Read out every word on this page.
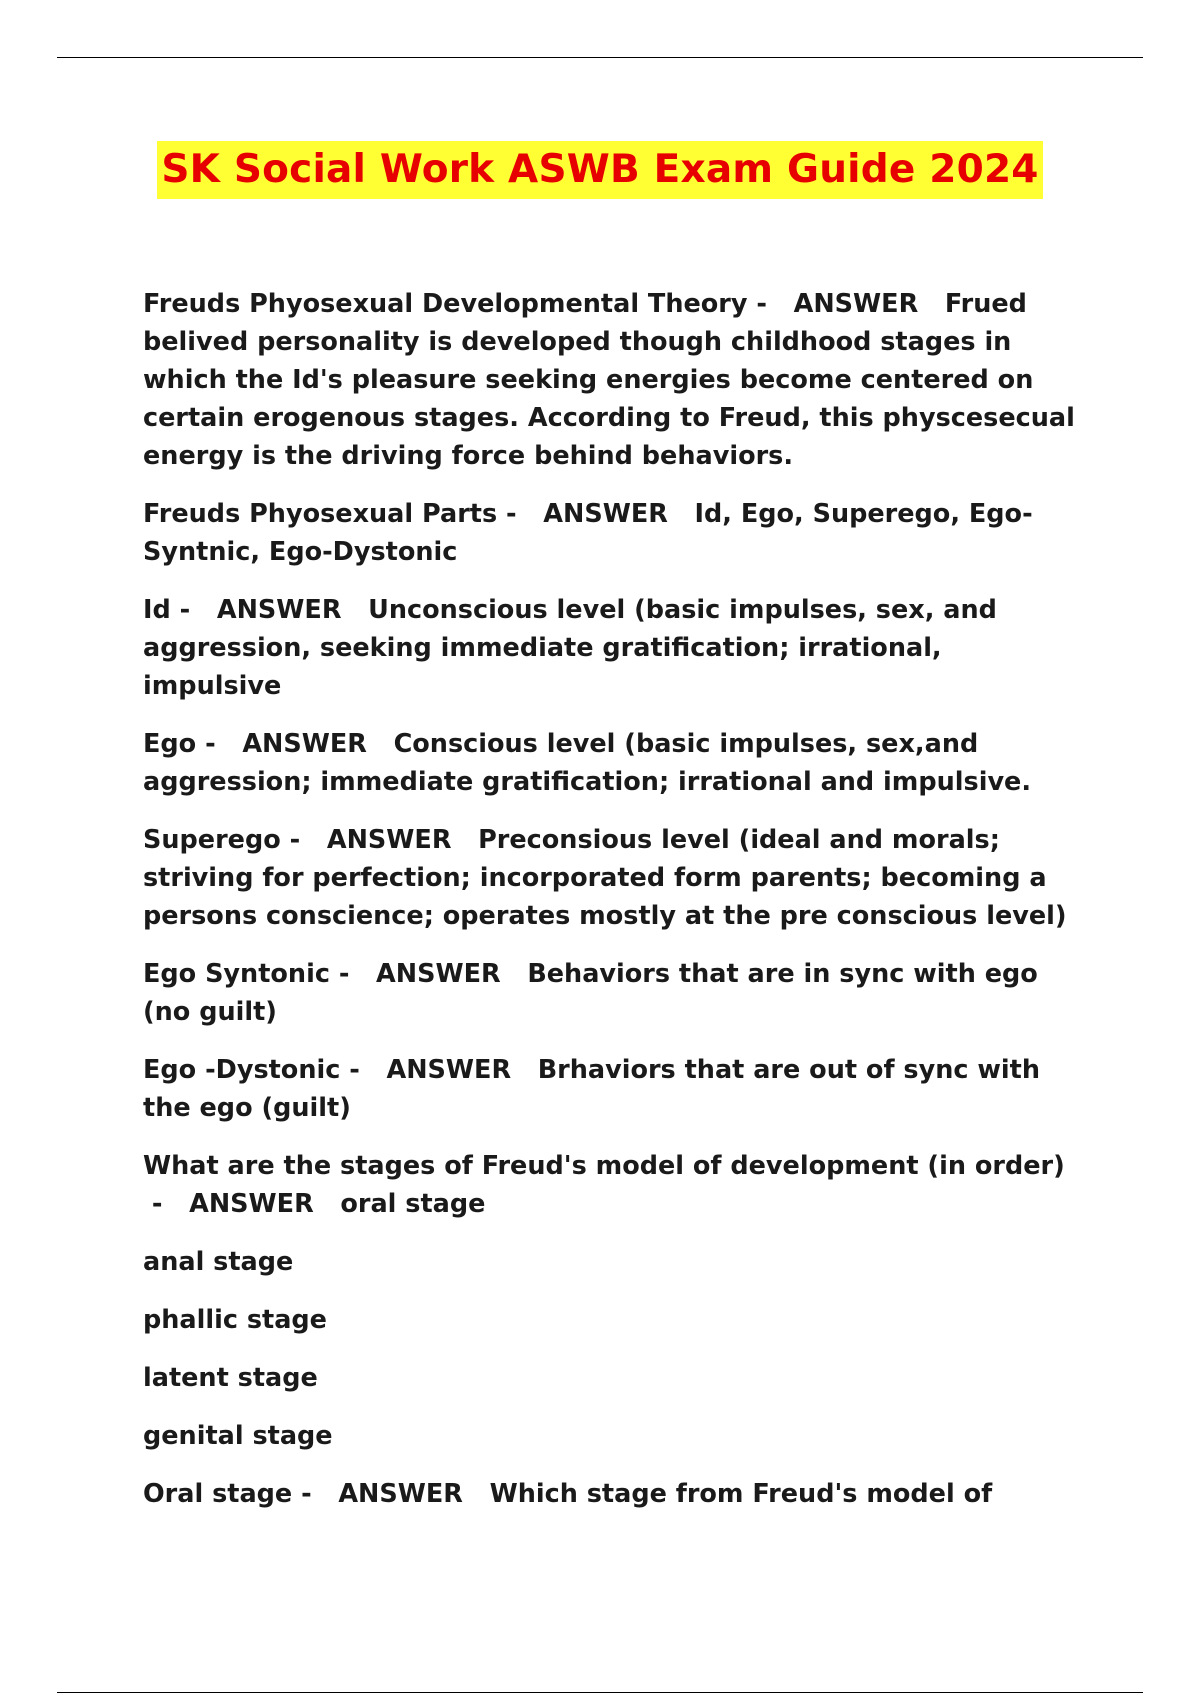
SK Social Work ASWB Exam Guide 2024

Freuds Phyosexual Developmental Theory -   ANSWER Frued belived personality is developed though childhood stages in which the Id's pleasure seeking energies become centered on certain erogenous stages. According to Freud, this physcesecual energy is the driving force behind behaviors.

Freuds Phyosexual Parts -   ANSWER Id, Ego, Superego, Ego-Syntnic, Ego-Dystonic

Id -   ANSWER Unconscious level (basic impulses, sex, and aggression, seeking immediate gratification; irrational, impulsive

Ego -   ANSWER Conscious level (basic impulses, sex,and aggression; immediate gratification; irrational and impulsive.

Superego -   ANSWER Preconsious level (ideal and morals; striving for perfection; incorporated form parents; becoming a persons conscience; operates mostly at the pre conscious level)

Ego Syntonic -   ANSWER Behaviors that are in sync with ego (no guilt)

Ego -Dystonic -   ANSWER Brhaviors that are out of sync with the ego (guilt)

What are the stages of Freud's model of development (in order) -   ANSWER oral stage

anal stage

phallic stage

latent stage

genital stage

Oral stage -   ANSWER Which stage from Freud's model of
